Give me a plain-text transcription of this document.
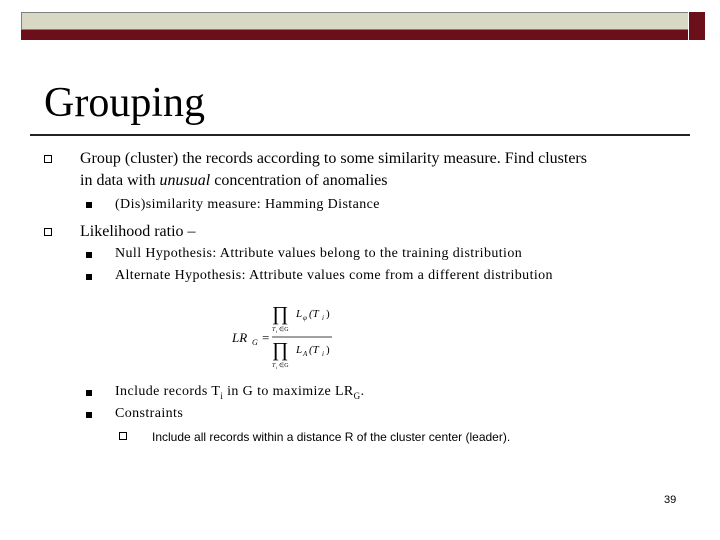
Grouping
Group (cluster) the records according to some similarity measure. Find clusters
in data with unusual concentration of anomalies
(Dis)similarity measure: Hamming Distance
Likelihood ratio –
Null Hypothesis: Attribute values belong to the training distribution
Alternate Hypothesis: Attribute values come from a different distribution
LR G =
∏ L φ (T i )
T i ∈G
∏ L A (T i )
T i ∈G
Include records $T_i$ in G to maximize $LR_G$.
Constraints
Include all records within a distance R of the cluster center (leader).
39
